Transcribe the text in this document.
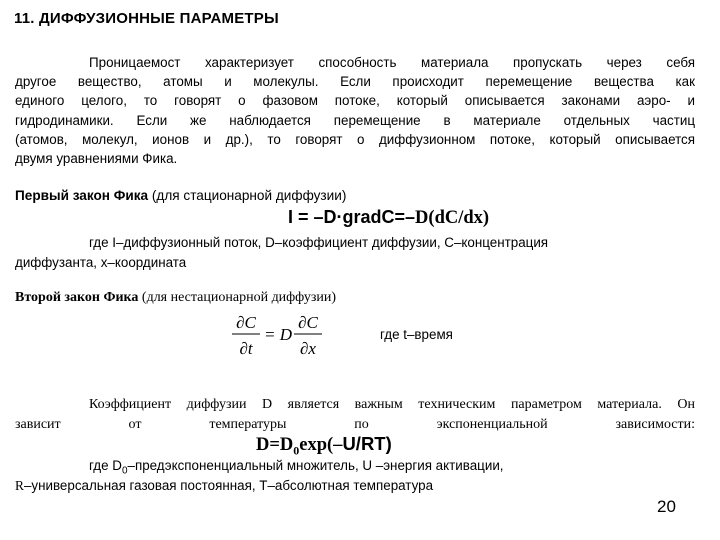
11. ДИФФУЗИОННЫЕ ПАРАМЕТРЫ
Проницаемост характеризует способность материала пропускать через себя
другое вещество, атомы и молекулы. Если происходит перемещение вещества как
единого целого, то говорят о фазовом потоке, который описывается законами аэро- и
гидродинамики. Если же наблюдается перемещение в материале отдельных частиц
(атомов, молекул, ионов и др.), то говорят о диффузионном потоке, который описывается
двумя уравнениями Фика.
Первый закон Фика (для стационарной диффузии)
I = –D·gradC=–D(dC/dx)
где I–диффузионный поток, D–коэффициент диффузии, С–концентрация
диффузанта, x–координата
Второй закон Фика (для нестационарной диффузии)
∂C
∂t
= D
∂C
∂x
где t–время
Коэффициент диффузии D является важным техническим параметром материала. Он
зависит от температуры по экспоненциальной зависимости:
$D=D_0\exp(-U/RT)$
где $D_0$–предэкспоненциальный множитель, U –энергия активации,
R–универсальная газовая постоянная, Т–абсолютная температура
20
